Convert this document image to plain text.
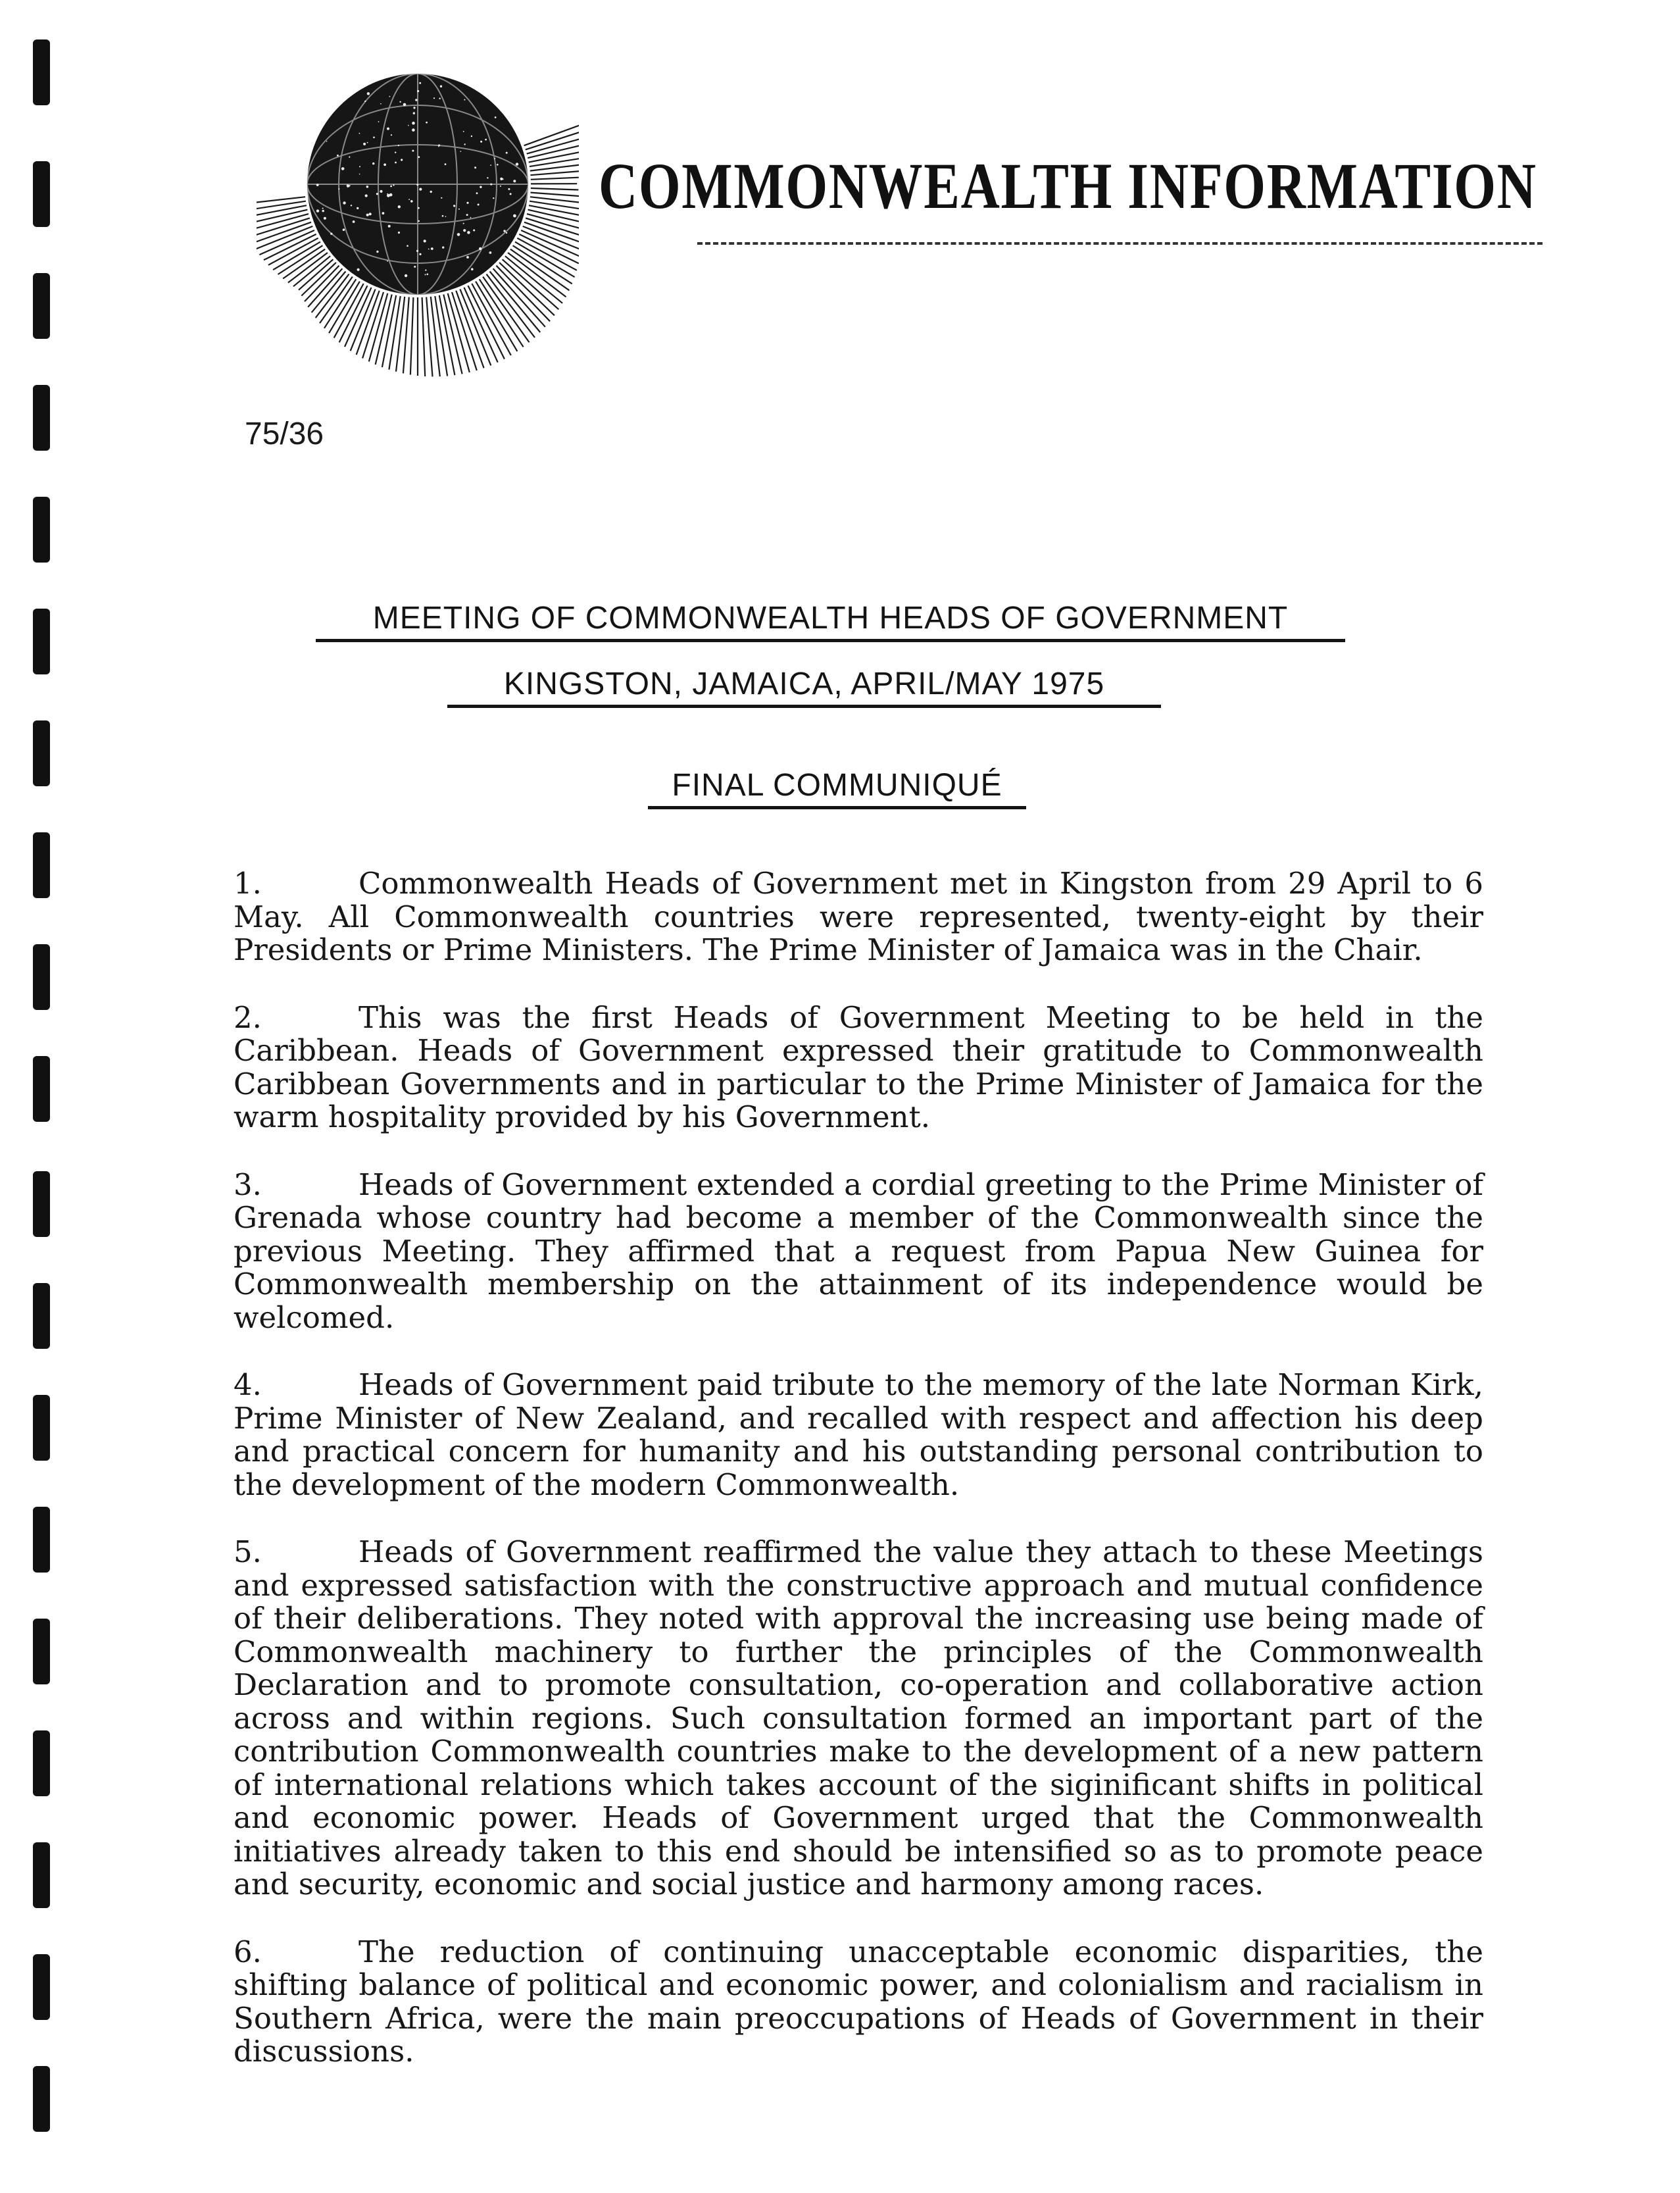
COMMONWEALTH INFORMATION
75/36
MEETING OF COMMONWEALTH HEADS OF GOVERNMENT
KINGSTON, JAMAICA, APRIL/MAY 1975
FINAL COMMUNIQUÉ

1.	Commonwealth Heads of Government met in Kingston from 29 April to 6 May. All Commonwealth countries were represented, twenty-eight by their Presidents or Prime Ministers. The Prime Minister of Jamaica was in the Chair.

2.	This was the first Heads of Government Meeting to be held in the Caribbean. Heads of Government expressed their gratitude to Commonwealth Caribbean Governments and in particular to the Prime Minister of Jamaica for the warm hospitality provided by his Government.

3.	Heads of Government extended a cordial greeting to the Prime Minister of Grenada whose country had become a member of the Commonwealth since the previous Meeting. They affirmed that a request from Papua New Guinea for Commonwealth membership on the attainment of its independence would be welcomed.

4.	Heads of Government paid tribute to the memory of the late Norman Kirk, Prime Minister of New Zealand, and recalled with respect and affection his deep and practical concern for humanity and his outstanding personal contribution to the development of the modern Commonwealth.

5.	Heads of Government reaffirmed the value they attach to these Meetings and expressed satisfaction with the constructive approach and mutual confidence of their deliberations. They noted with approval the increasing use being made of Commonwealth machinery to further the principles of the Commonwealth Declaration and to promote consultation, co-operation and collaborative action across and within regions. Such consultation formed an important part of the contribution Commonwealth countries make to the development of a new pattern of international relations which takes account of the siginificant shifts in political and economic power. Heads of Government urged that the Commonwealth initiatives already taken to this end should be intensified so as to promote peace and security, economic and social justice and harmony among races.

6.	The reduction of continuing unacceptable economic disparities, the shifting balance of political and economic power, and colonialism and racialism in Southern Africa, were the main preoccupations of Heads of Government in their discussions.
